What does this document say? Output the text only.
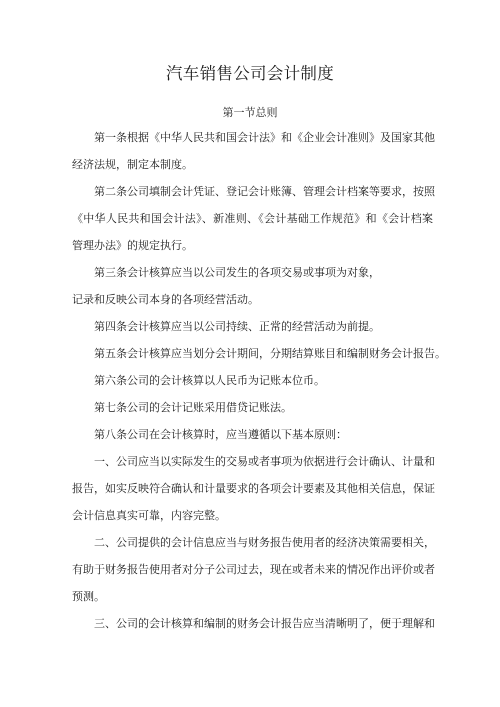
汽车销售公司会计制度
第一节总则
第一条根据《中华人民共和国会计法》和《企业会计准则》及国家其他
经济法规，制定本制度。
第二条公司填制会计凭证、登记会计账簿、管理会计档案等要求，按照
《中华人民共和国会计法》、新准则、《会计基础工作规范》和《会计档案
管理办法》的规定执行。
第三条会计核算应当以公司发生的各项交易或事项为对象，
记录和反映公司本身的各项经营活动。
第四条会计核算应当以公司持续、正常的经营活动为前提。
第五条会计核算应当划分会计期间，分期结算账目和编制财务会计报告。
第六条公司的会计核算以人民币为记账本位币。
第七条公司的会计记账采用借贷记账法。
第八条公司在会计核算时，应当遵循以下基本原则：
一、公司应当以实际发生的交易或者事项为依据进行会计确认、计量和
报告，如实反映符合确认和计量要求的各项会计要素及其他相关信息，保证
会计信息真实可靠，内容完整。
二、公司提供的会计信息应当与财务报告使用者的经济决策需要相关，
有助于财务报告使用者对分子公司过去，现在或者未来的情况作出评价或者
预测。
三、公司的会计核算和编制的财务会计报告应当清晰明了，便于理解和
